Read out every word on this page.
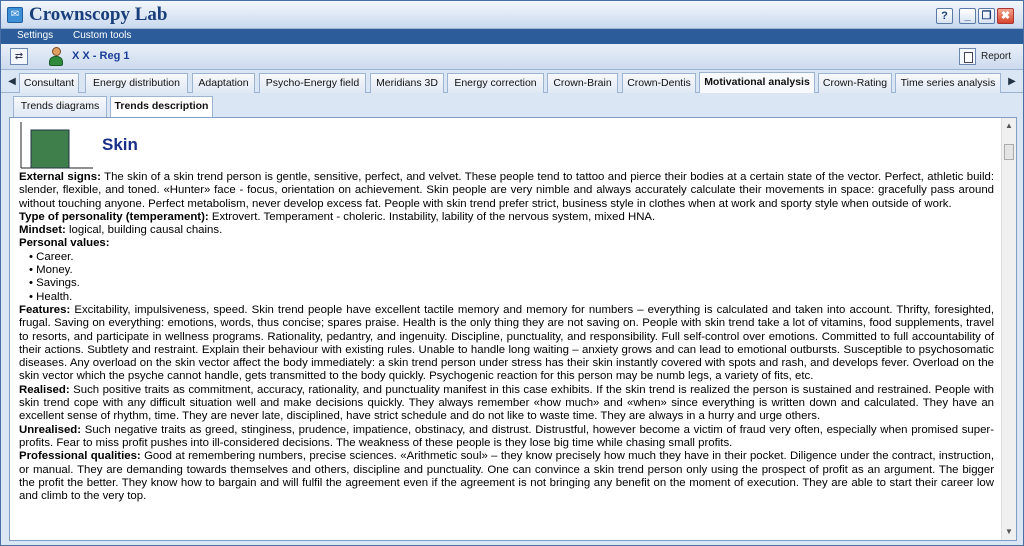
✉ Crownscopy Lab	?	_	❐ ✖
Settings Custom tools
⇄	X X - Reg 1	Report
◀ Consultant	Energy distribution	Adaptation	Psycho-Energy field	Meridians 3D	Energy correction	Crown-Brain	Crown-Dentis	Motivational analysis	Crown-Rating	Time series analysis	▶
Trends diagrams	Trends description
Skin

External signs: The skin of a skin trend person is gentle, sensitive, perfect, and velvet. These people tend to tattoo and pierce their bodies at a certain state of the vector. Perfect, athletic build: slender, flexible, and toned. «Hunter» face - focus, orientation on achievement. Skin people are very nimble and always accurately calculate their movements in space: gracefully pass around without touching anyone. Perfect metabolism, never develop excess fat. People with skin trend prefer strict, business style in clothes when at work and sporty style when outside of work.

Type of personality (temperament): Extrovert. Temperament - choleric. Instability, lability of the nervous system, mixed HNA.

Mindset: logical, building causal chains.

Personal values:

• Career.
• Money.
• Savings.
• Health.

Features: Excitability, impulsiveness, speed. Skin trend people have excellent tactile memory and memory for numbers – everything is calculated and taken into account. Thrifty, foresighted, frugal. Saving on everything: emotions, words, thus concise; spares praise. Health is the only thing they are not saving on. People with skin trend take a lot of vitamins, food supplements, travel to resorts, and participate in wellness programs. Rationality, pedantry, and ingenuity. Discipline, punctuality, and responsibility. Full self-control over emotions. Committed to full accountability of their actions. Subtlety and restraint. Explain their behaviour with existing rules. Unable to handle long waiting – anxiety grows and can lead to emotional outbursts. Susceptible to psychosomatic diseases. Any overload on the skin vector affect the body immediately: a skin trend person under stress has their skin instantly covered with spots and rash, and develops fever. Overload on the skin vector which the psyche cannot handle, gets transmitted to the body quickly. Psychogenic reaction for this person may be numb legs, a variety of fits, etc.

Realised: Such positive traits as commitment, accuracy, rationality, and punctuality manifest in this case exhibits. If the skin trend is realized the person is sustained and restrained. People with skin trend cope with any difficult situation well and make decisions quickly. They always remember «how much» and «when» since everything is written down and calculated. They have an excellent sense of rhythm, time. They are never late, disciplined, have strict schedule and do not like to waste time. They are always in a hurry and urge others.

Unrealised: Such negative traits as greed, stinginess, prudence, impatience, obstinacy, and distrust. Distrustful, however become a victim of fraud very often, especially when promised super-profits. Fear to miss profit pushes into ill-considered decisions. The weakness of these people is they lose big time while chasing small profits.

Professional qualities: Good at remembering numbers, precise sciences. «Arithmetic soul» – they know precisely how much they have in their pocket. Diligence under the contract, instruction, or manual. They are demanding towards themselves and others, discipline and punctuality. One can convince a skin trend person only using the prospect of profit as an argument. The bigger the profit the better. They know how to bargain and will fulfil the agreement even if the agreement is not bringing any benefit on the moment of execution. They are able to start their career low and climb to the very top.

▲
▼
